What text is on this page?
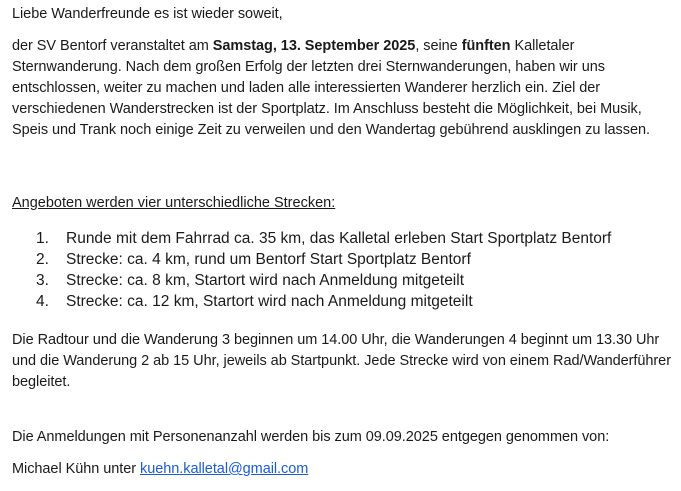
Liebe Wanderfreunde es ist wieder soweit,

der SV Bentorf veranstaltet am Samstag, 13. September 2025, seine fünften Kalletaler Sternwanderung. Nach dem großen Erfolg der letzten drei Sternwanderungen, haben wir uns entschlossen, weiter zu machen und laden alle interessierten Wanderer herzlich ein. Ziel der verschiedenen Wanderstrecken ist der Sportplatz. Im Anschluss besteht die Möglichkeit, bei Musik, Speis und Trank noch einige Zeit zu verweilen und den Wandertag gebührend ausklingen zu lassen.

Angeboten werden vier unterschiedliche Strecken:

1.	Runde mit dem Fahrrad ca. 35 km, das Kalletal erleben Start Sportplatz Bentorf
2.	Strecke: ca. 4 km, rund um Bentorf Start Sportplatz Bentorf
3.	Strecke: ca. 8 km, Startort wird nach Anmeldung mitgeteilt
4.	Strecke: ca. 12 km, Startort wird nach Anmeldung mitgeteilt

Die Radtour und die Wanderung 3 beginnen um 14.00 Uhr, die Wanderungen 4 beginnt um 13.30 Uhr und die Wanderung 2 ab 15 Uhr, jeweils ab Startpunkt. Jede Strecke wird von einem Rad/Wanderführer begleitet.

Die Anmeldungen mit Personenanzahl werden bis zum 09.09.2025 entgegen genommen von:

Michael Kühn unter kuehn.kalletal@gmail.com
